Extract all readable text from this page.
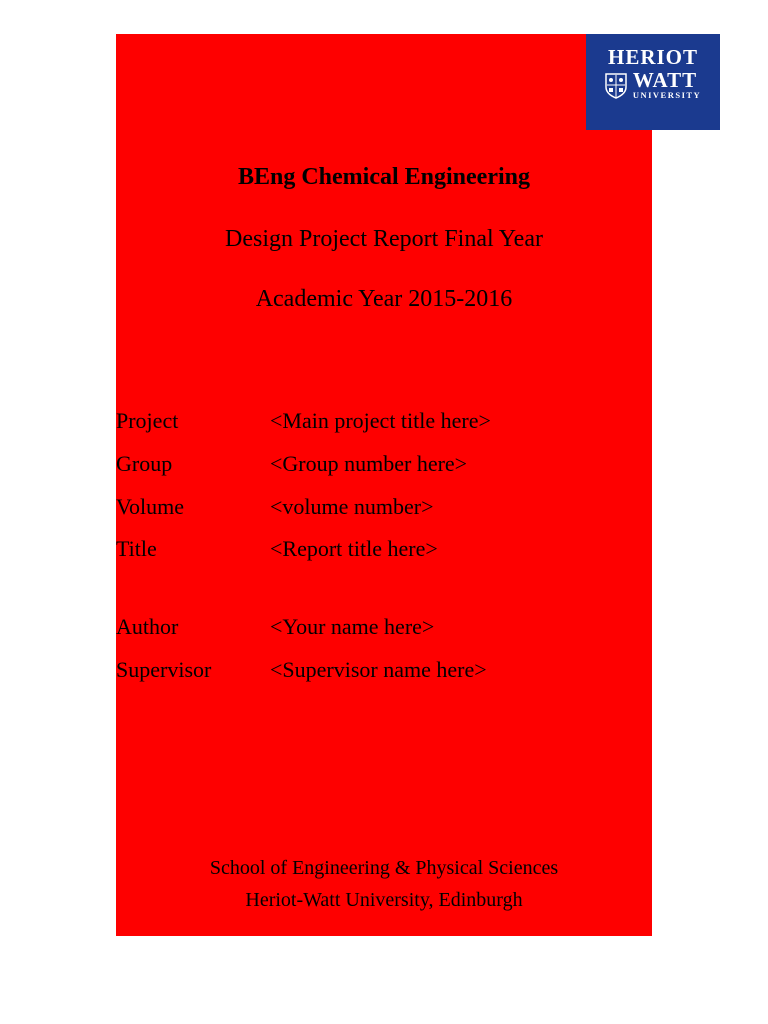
HERIOT
WATT
UNIVERSITY
BEng Chemical Engineering
Design Project Report Final Year
Academic Year 2015-2016
Project	<Main project title here>
Group	<Group number here>
Volume	<volume number>
Title	<Report title here>
Author	<Your name here>
Supervisor	<Supervisor name here>
School of Engineering & Physical Sciences
Heriot-Watt University, Edinburgh
